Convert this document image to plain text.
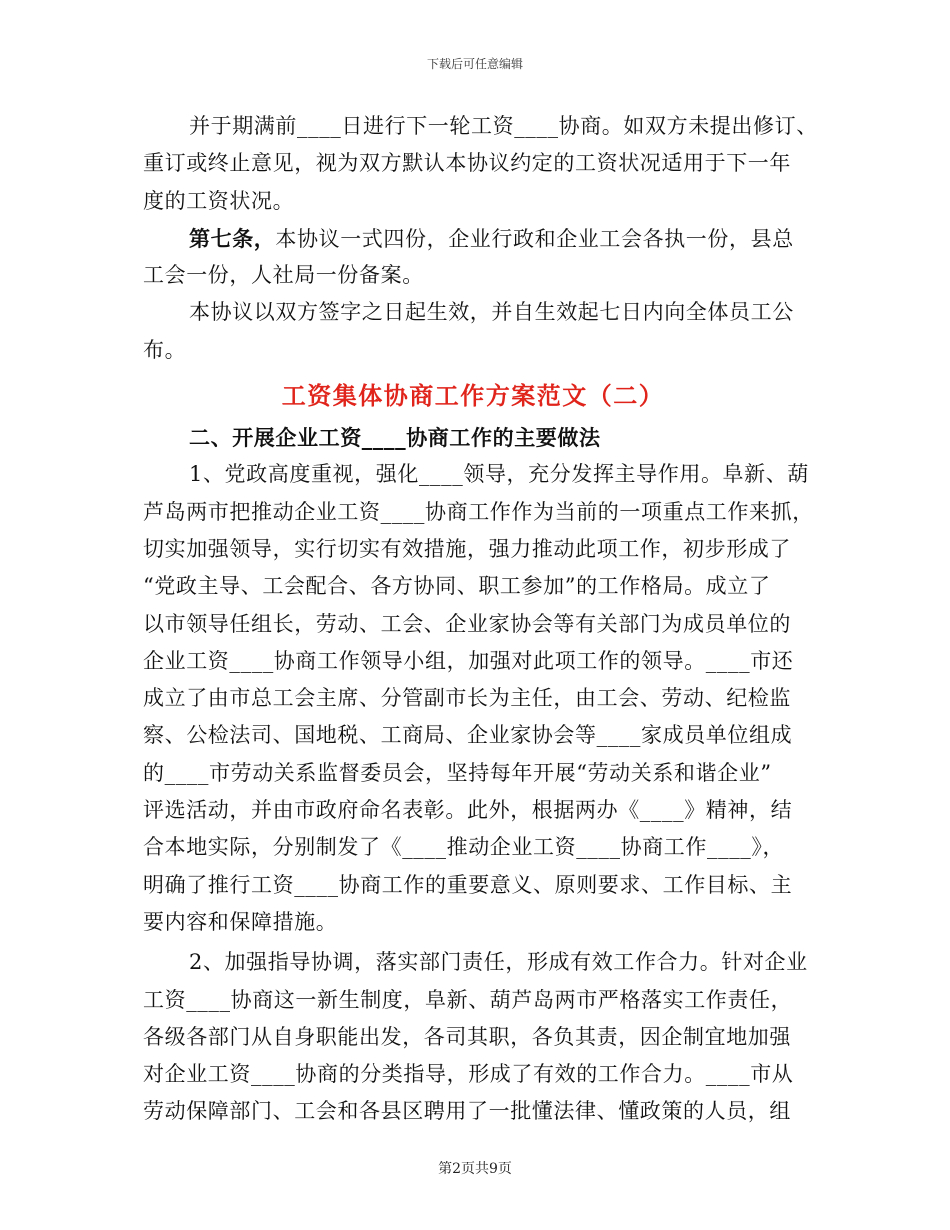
下载后可任意编辑
并于期满前____日进行下一轮工资____协商。如双方未提出修订、
重订或终止意见，视为双方默认本协议约定的工资状况适用于下一年
度的工资状况。
第七条，本协议一式四份，企业行政和企业工会各执一份，县总
工会一份，人社局一份备案。
本协议以双方签字之日起生效，并自生效起七日内向全体员工公
布。
工资集体协商工作方案范文（二）
二、开展企业工资____协商工作的主要做法
1、党政高度重视，强化____领导，充分发挥主导作用。阜新、葫
芦岛两市把推动企业工资____协商工作作为当前的一项重点工作来抓，
切实加强领导，实行切实有效措施，强力推动此项工作，初步形成了
“党政主导、工会配合、各方协同、职工参加”的工作格局。成立了
以市领导任组长，劳动、工会、企业家协会等有关部门为成员单位的
企业工资____协商工作领导小组，加强对此项工作的领导。____市还
成立了由市总工会主席、分管副市长为主任，由工会、劳动、纪检监
察、公检法司、国地税、工商局、企业家协会等____家成员单位组成
的____市劳动关系监督委员会，坚持每年开展“劳动关系和谐企业”
评选活动，并由市政府命名表彰。此外，根据两办《____》精神，结
合本地实际，分别制发了《____推动企业工资____协商工作____》，
明确了推行工资____协商工作的重要意义、原则要求、工作目标、主
要内容和保障措施。
2、加强指导协调，落实部门责任，形成有效工作合力。针对企业
工资____协商这一新生制度，阜新、葫芦岛两市严格落实工作责任，
各级各部门从自身职能出发，各司其职，各负其责，因企制宜地加强
对企业工资____协商的分类指导，形成了有效的工作合力。____市从
劳动保障部门、工会和各县区聘用了一批懂法律、懂政策的人员，组
第2页共9页
